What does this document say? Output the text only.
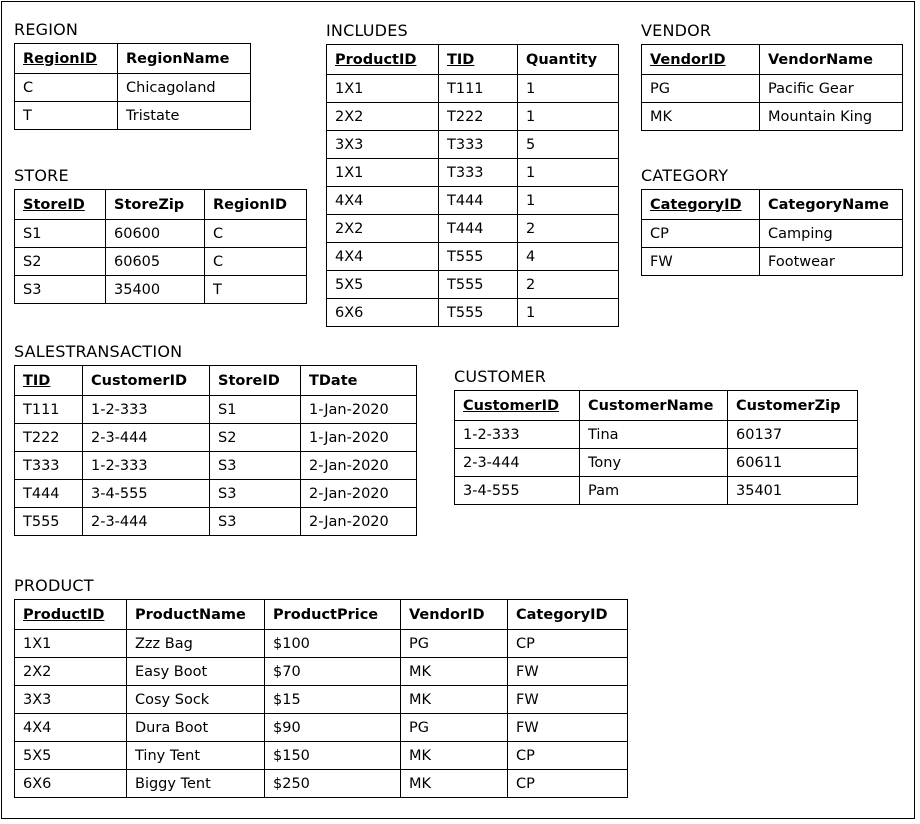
REGION
RegionID	RegionName
C	Chicagoland
T	Tristate
STORE
StoreID	StoreZip	RegionID
S1	60600	C
S2	60605	C
S3	35400	T
INCLUDES
ProductID	TID	Quantity
1X1	T111	1
2X2	T222	1
3X3	T333	5
1X1	T333	1
4X4	T444	1
2X2	T444	2
4X4	T555	4
5X5	T555	2
6X6	T555	1
VENDOR
VendorID	VendorName
PG	Pacific Gear
MK	Mountain King
CATEGORY
CategoryID	CategoryName
CP	Camping
FW	Footwear
SALESTRANSACTION
TID	CustomerID	StoreID	TDate
T111	1-2-333	S1	1-Jan-2020
T222	2-3-444	S2	1-Jan-2020
T333	1-2-333	S3	2-Jan-2020
T444	3-4-555	S3	2-Jan-2020
T555	2-3-444	S3	2-Jan-2020
CUSTOMER
CustomerID	CustomerName	CustomerZip
1-2-333	Tina	60137
2-3-444	Tony	60611
3-4-555	Pam	35401
PRODUCT
ProductID	ProductName	ProductPrice	VendorID	CategoryID
1X1	Zzz Bag	$100	PG	CP
2X2	Easy Boot	$70	MK	FW
3X3	Cosy Sock	$15	MK	FW
4X4	Dura Boot	$90	PG	FW
5X5	Tiny Tent	$150	MK	CP
6X6	Biggy Tent	$250	MK	CP
